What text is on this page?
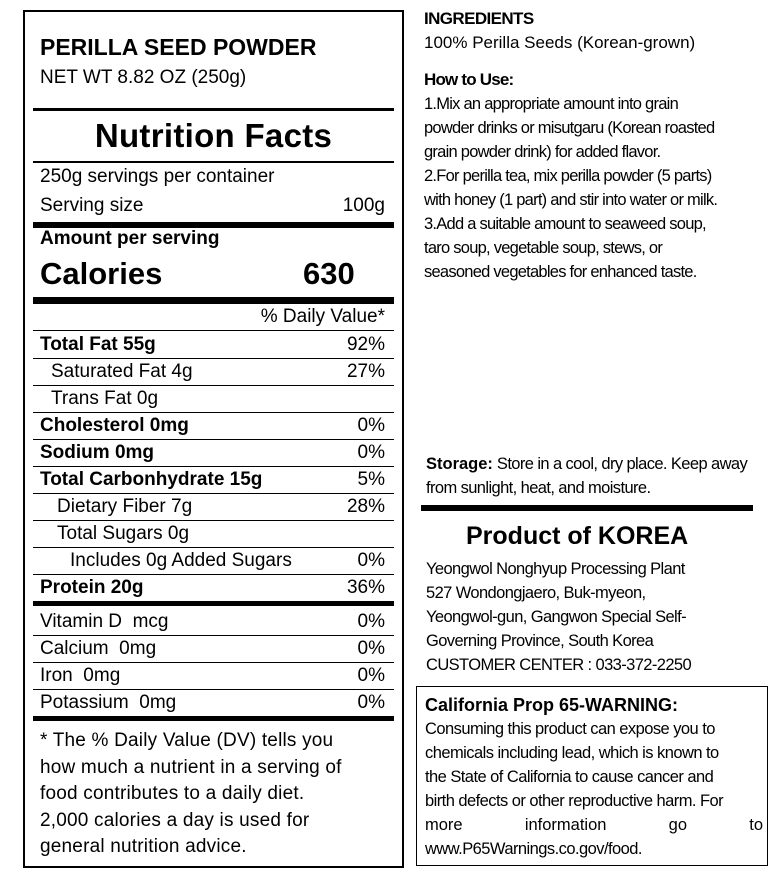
PERILLA SEED POWDER
NET WT 8.82 OZ (250g)
Nutrition Facts
250g servings per container
Serving size	100g
Amount per serving
Calories	630
% Daily Value*
Total Fat 55g	92%
Saturated Fat 4g	27%
Trans Fat 0g
Cholesterol 0mg	0%
Sodium 0mg	0%
Total Carbonhydrate 15g	5%
Dietary Fiber 7g	28%
Total Sugars 0g
Includes 0g Added Sugars	0%
Protein 20g	36%
Vitamin D  mcg	0%
Calcium  0mg	0%
Iron  0mg	0%
Potassium  0mg	0%
* The % Daily Value (DV) tells you
how much a nutrient in a serving of
food contributes to a daily diet.
2,000 calories a day is used for
general nutrition advice.
INGREDIENTS
100% Perilla Seeds (Korean-grown)
How to Use:
1.Mix an appropriate amount into grain
powder drinks or misutgaru (Korean roasted
grain powder drink) for added flavor.
2.For perilla tea, mix perilla powder (5 parts)
with honey (1 part) and stir into water or milk.
3.Add a suitable amount to seaweed soup,
taro soup, vegetable soup, stews, or
seasoned vegetables for enhanced taste.
Storage: Store in a cool, dry place. Keep away from sunlight, heat, and moisture.
Product of KOREA
Yeongwol Nonghyup Processing Plant
527 Wondongjaero, Buk-myeon,
Yeongwol-gun, Gangwon Special Self-
Governing Province, South Korea
CUSTOMER CENTER : 033-372-2250
California Prop 65-WARNING:
Consuming this product can expose you to
chemicals including lead, which is known to
the State of California to cause cancer and
birth defects or other reproductive harm. For
more	information	go	to
www.P65Warnings.co.gov/food.
